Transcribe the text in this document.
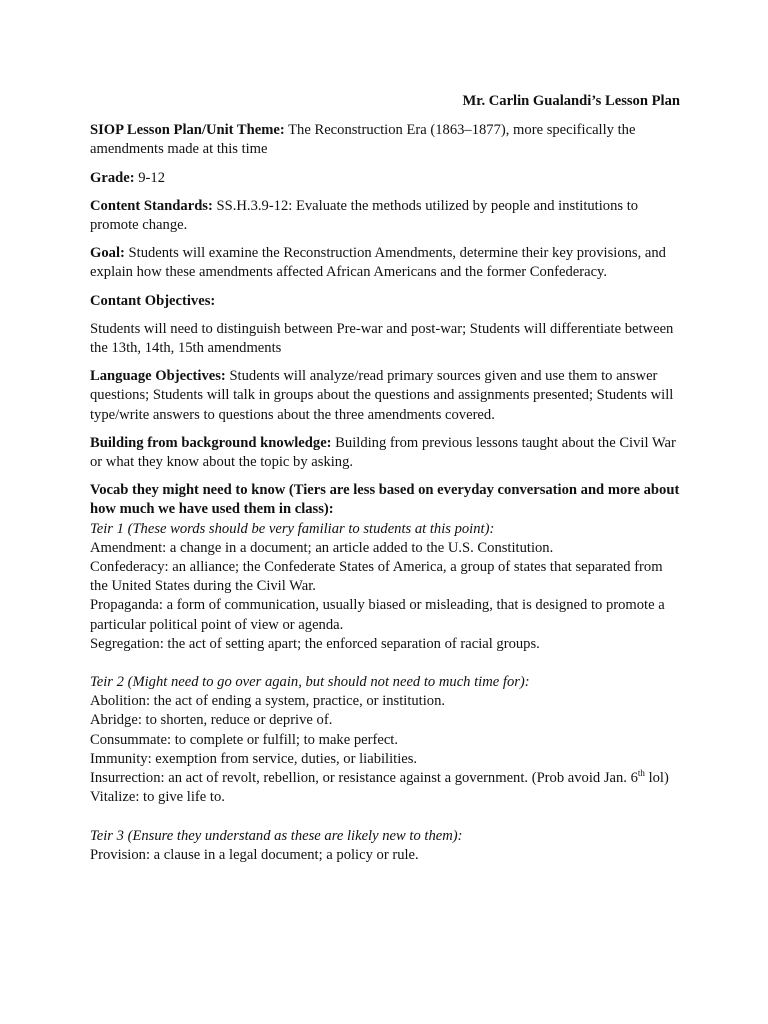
Mr. Carlin Gualandi’s Lesson Plan

SIOP Lesson Plan/Unit Theme: The Reconstruction Era (1863–1877), more specifically the amendments made at this time

Grade: 9-12

Content Standards: SS.H.3.9-12: Evaluate the methods utilized by people and institutions to promote change.

Goal: Students will examine the Reconstruction Amendments, determine their key provisions, and explain how these amendments affected African Americans and the former Confederacy.

Contant Objectives:

Students will need to distinguish between Pre-war and post-war; Students will differentiate between the 13th, 14th, 15th amendments

Language Objectives: Students will analyze/read primary sources given and use them to answer questions; Students will talk in groups about the questions and assignments presented; Students will type/write answers to questions about the three amendments covered.

Building from background knowledge: Building from previous lessons taught about the Civil War or what they know about the topic by asking.

Vocab they might need to know (Tiers are less based on everyday conversation and more about how much we have used them in class):

Teir 1 (These words should be very familiar to students at this point):

Amendment: a change in a document; an article added to the U.S. Constitution.

Confederacy: an alliance; the Confederate States of America, a group of states that separated from the United States during the Civil War.

Propaganda: a form of communication, usually biased or misleading, that is designed to promote a particular political point of view or agenda.

Segregation: the act of setting apart; the enforced separation of racial groups.

Teir 2 (Might need to go over again, but should not need to much time for):

Abolition: the act of ending a system, practice, or institution.

Abridge: to shorten, reduce or deprive of.

Consummate: to complete or fulfill; to make perfect.

Immunity: exemption from service, duties, or liabilities.

Insurrection: an act of revolt, rebellion, or resistance against a government. (Prob avoid Jan. 6th lol)

Vitalize: to give life to.

Teir 3 (Ensure they understand as these are likely new to them):

Provision: a clause in a legal document; a policy or rule.
